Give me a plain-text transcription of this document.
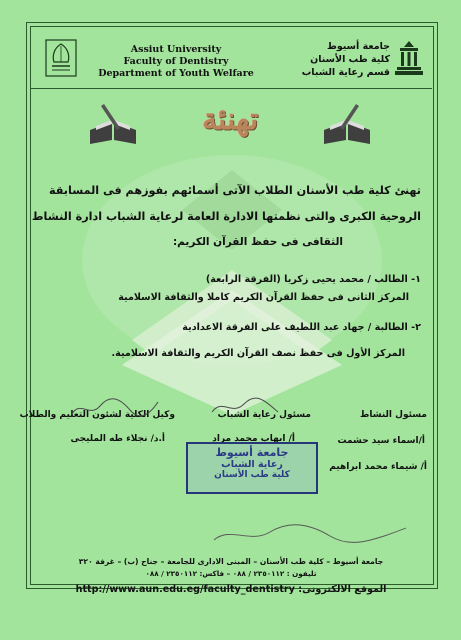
Assiut University
Faculty of Dentistry
Department of Youth Welfare
جامعة أسيوط
كلية طب الأسنان
قسم رعاية الشباب
تهنئة
تهنئ كلية طب الأسنان الطلاب الآتى أسمائهم بفوزهم فى المسابقة
الروحية الكبرى والتى نظمتها الادارة العامة لرعاية الشباب ادارة النشاط
الثقافى فى حفظ القرآن الكريم:
١- الطالب / محمد يحيى زكريا (الفرقة الرابعة)
المركز الثانى فى حفظ القرآن الكريم كاملا والثقافة الاسلامية
٢- الطالبة / جهاد عبد اللطيف على الفرقة الاعدادية
المركز الأول فى حفظ نصف القرآن الكريم والثقافة الاسلامية.
مسئول النشاط
مسئول رعاية الشباب
وكيل الكلية لشئون التعليم والطلاب
أ/اسماء سيد حشمت
أ/ ايهاب محمد مراد
أ.د/ نجلاء طه المليجى
أ/ شيماء محمد ابراهيم
جامعة أسيوط
رعاية الشباب
كلية طب الأسنان
جامعة أسيوط – كلية طب الأسنان – المبنى الادارى للجامعة – جناح (ب) – غرفة ٣٢٠
تليفون : ٢٣٥٠١١٢ / ٠٨٨ – فاكس: ٢٣٥٠١١٢ / ٠٨٨
الموقع الالكترونى: http://www.aun.edu.eg/faculty_dentistry
